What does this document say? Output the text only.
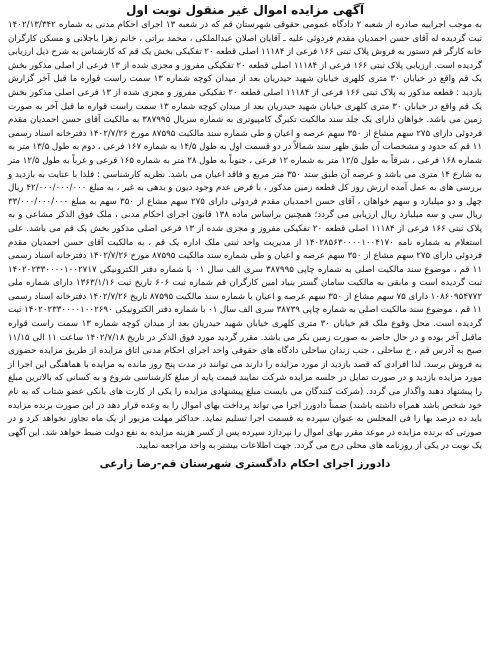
آگهی مزایده اموال غیر منقول نوبت اول

به موجب اجراییه صادره از شعبه ۲ دادگاه عمومی حقوقی شهرستان قم که در شعبه ۱۳ اجرای احکام مدنی به شماره ۱۴۰۲/۱۳/۳۴۲ ثبت گردیده له آقای حسن احمدیان مقدم فردوئی علیه ـ آقایان اصلان عبدالملکی ، محمد براتی ، خانم زهرا باجلانی و مسکن کارگران خانه کارگر قم دستور به فروش پلاک ثبتی ۱۶۶ فرعی از ۱۱۱۸۴ اصلی قطعه ۲۰ تفکیکی بخش یک قم که کارشناس به شرح ذیل ارزیابی گردیده است. ارزیابی پلاک ثبتی ۱۶۶ فرعی از ۱۱۱۸۴ اصلی قطعه ۲۰ تفکیکی مفروز و مجزی شده از ۱۳ فرعی از اصلی مذکور بخش یک قم واقع در خیابان ۳۰ متری کلهری خیابان شهید حیدریان بعد از میدان کوچه شماره ۱۳ سمت راست قواره ما قبل آخر گزارش بازدید : قطعه مذکور به پلاک ثبتی ۱۶۶ فرعی از ۱۱۱۸۴ اصلی قطعه ۲۰ تفکیکی مفروز و مجزی شده از ۱۳ فرعی اصلی مذکور بخش یک قم واقع در خیابان ۳۰ متری کلهری خیابان شهید حیدریان بعد از میدان کوچه شماره ۱۳ سمت راست قواره ما قبل آخر به صورت زمین می باشد. خواهان دارای یک جلد سند مالکیت تکبرگ کامپیوتری به شماره سریال ۳۸۷۹۹۵ به مالکیت آقای حسن احمدیان مقدم فردوئی دارای ۲۷۵ سهم مشاع از ۳۵۰ سهم عرصه و اعیان و طی شماره سند مالکیت ۸۷۵۹۵ مورخ ۱۴۰۲/۷/۲۶ دفترخانه اسناد رسمی ۱۱ قم که حدود و مشخصات آن طبق ظهر سند شمالاً در دو قسمت اول به طول ۱۴/۵ به شماره ۱۶۷ فرعی ، دوم به طول ۱۳/۵ متر به شماره ۱۶۸ فرعی ، شرقاً به طول ۱۲/۵ متر به شماره ۱۲ فرعی ، جنوباً به طول ۲۸ متر به شماره ۱۶۵ فرعی و غرباً به طول ۱۲/۵ متر به شارع ۱۴ متری می باشد و عرصه آن طبق سند ۳۵۰ متر مربع و فاقد اعیان می باشد. نظریه کارشناسی : فلذا با عنایت به بازدید و بررسی های به عمل آمده ارزش روز کل قطعه زمین مذکور ، با فرض عدم وجود دیون و بدهی به غیر ، به مبلغ ۴۲/۰۰۰/۰۰۰/۰۰۰ ریال چهل و دو میلیارد و سهم خواهان ، آقای حسن احمدیان مقدم فردوئی دارای ۲۷۵ سهم مشاع از ۳۵۰ سهم به مبلغ ۳۳/۰۰۰/۰۰۰/۰۰۰ ریال سی و سه میلیارد ریال ارزیابی می گردد؛ همچنین براساس ماده ۱۳۸ قانون اجرای احکام مدنی ، ملک فوق الذکر مشاعی و به پلاک ثبتی ۱۶۶ فرعی از ۱۱۱۸۴ اصلی قطعه ۲۰ تفکیکی مفروز و مجزی شده از ۱۳ فرعی اصلی مذکور بخش یک قم می باشد. علی استعلام به شماره نامه ۱۴۰۲۸۵۶۳۰۰۰۰۱۰۰۴۱۷۰ از مدیریت واحد ثبتی ملک اداره یک قم ، به مالکیت آقای حسن احمدیان مقدم فردوئی دارای ۲۷۵ سهم مشاع از ۳۵۰ سهم عرصه و اعیان و طی شماره سند مالکیت ۸۷۵۹۵ مورخ ۱۴۰۲/۷/۲۶ دفترخانه اسناد رسمی ۱۱ قم ، موضوع سند مالکیت اصلی به شماره چاپی ۳۸۷۹۹۵ سری الف سال ۰۱ با شماره دفتر الکترونیکی ۱۴۰۲۰۲۳۳۰۰۰۰۱۰۰۲۷۱۷ ثبت گردیده است و مابقی به مالکیت سامان گستر بنیاد امین کارگران قم شماره ثبت ۶۰۶ تاریخ ثبت ۱۳۶۳/۱/۱۶ دارای شماره ملی ۱۰۸۶۰۹۵۴۷۷۲ دارای ۷۵ سهم مشاع از ۳۵۰ سهم عرصه و اعیان با شماره سند مالکیت ۸۷۵۹۵ تاریخ ۱۴۰۲/۷/۲۶ دفترخانه اسناد رسمی ۱۱ قم ، موضوع سند مالکیت اصلی به شماره چاپی ۳۸۷۳۹ سری الف سال ۰۱ با شماره دفتر الکترونیکی ۱۴۰۲۰۲۳۳۰۰۰۰۱۰۰۲۶۹۰ ثبت گردیده است. محل وقوع ملک قم خیابان ۳۰ متری کلهری خیابان شهید حیدریان بعد از میدان کوچه شماره ۱۳ سمت راست قواره ماقبل آخر بوده و در حال حاضر به صورت زمین بکر می باشد. مقرر گردید مورد فوق الذکر در تاریخ ۱۴۰۲/۷/۱۸ ساعت ۱۱ الی ۱۱/۱۵ صبح به آدرس قم ، خ ساحلی ، جنب زندان ساحلی دادگاه های حقوقی واحد اجرای احکام مدنی اتاق مزایده از طریق مزایده حضوری به فروش برسد. لذا افرادی که قصد بازدید از مورد مزایده را دارند می توانند در مدت پنج روز مانده به مزایده با هماهنگی این اجرا از مورد مزایده بازدید و در صورت تمایل در جلسه مزایده شرکت نمایند قیمت پایه از مبلغ کارشناسی شروع و به کسانی که بالاترین مبلغ را پیشنهاد دهند واگذار می گردد. (شرکت کنندگان می بایست مبلغ پیشنهادی مزایده را یکی از کارت های بانکی عضو شتاب که به نام خود شخص باشد همراه داشته باشند) ضمناً دادورز اجرا می تواند پرداخت بهای اموال را به وعده قرار دهد در این صورت برنده مزایده باید ده درصد بها را فی المجلس به عنوان سپرده به قسمت اجرا تسلیم نماید. حداکثر مهلت مزبور از یک ماه تجاوز نخواهد کرد و در صورتی که برنده مزایده در موعد مقرر بهای اموال را نپردازد سپرده پس از کسر هزینه مزایده به نفع دولت ضبط خواهد شد. این آگهی یک نوبت در یکی از روزنامه های محلی درج می گردد. جهت اطلاعات بیشتر به واحد مراجعه نمایید.

دادورز اجرای احکام دادگستری شهرستان قم-رضا زارعی
